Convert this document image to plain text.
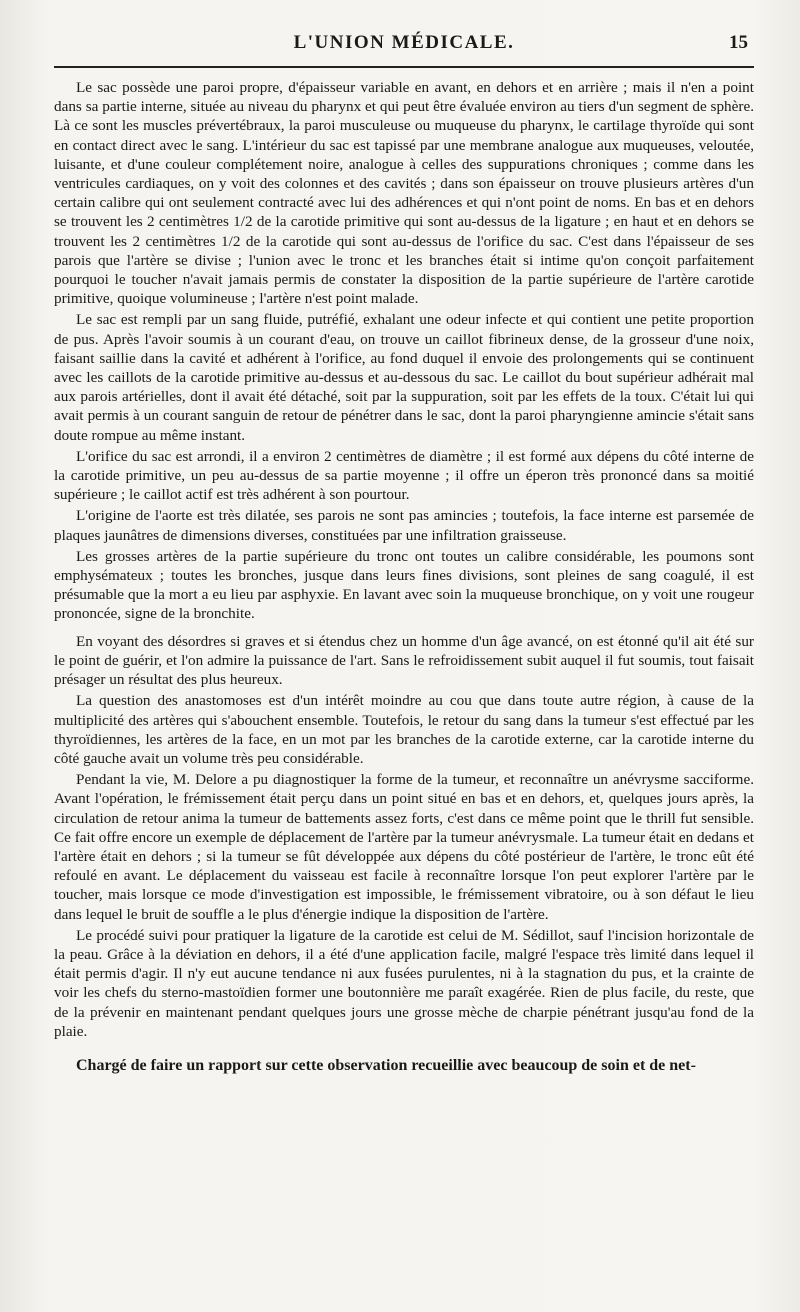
L'UNION MÉDICALE.	15

Le sac possède une paroi propre, d'épaisseur variable en avant, en dehors et en arrière ; mais il n'en a point dans sa partie interne, située au niveau du pharynx et qui peut être évaluée environ au tiers d'un segment de sphère. Là ce sont les muscles prévertébraux, la paroi musculeuse ou muqueuse du pharynx, le cartilage thyroïde qui sont en contact direct avec le sang. L'intérieur du sac est tapissé par une membrane analogue aux muqueuses, veloutée, luisante, et d'une couleur complétement noire, analogue à celles des suppurations chroniques ; comme dans les ventricules cardiaques, on y voit des colonnes et des cavités ; dans son épaisseur on trouve plusieurs artères d'un certain calibre qui ont seulement contracté avec lui des adhérences et qui n'ont point de noms. En bas et en dehors se trouvent les 2 centimètres 1/2 de la carotide primitive qui sont au-dessus de la ligature ; en haut et en dehors se trouvent les 2 centimètres 1/2 de la carotide qui sont au-dessus de l'orifice du sac. C'est dans l'épaisseur de ses parois que l'artère se divise ; l'union avec le tronc et les branches était si intime qu'on conçoit parfaitement pourquoi le toucher n'avait jamais permis de constater la disposition de la partie supérieure de l'artère carotide primitive, quoique volumineuse ; l'artère n'est point malade.

Le sac est rempli par un sang fluide, putréfié, exhalant une odeur infecte et qui contient une petite proportion de pus. Après l'avoir soumis à un courant d'eau, on trouve un caillot fibrineux dense, de la grosseur d'une noix, faisant saillie dans la cavité et adhérent à l'orifice, au fond duquel il envoie des prolongements qui se continuent avec les caillots de la carotide primitive au-dessus et au-dessous du sac. Le caillot du bout supérieur adhérait mal aux parois artérielles, dont il avait été détaché, soit par la suppuration, soit par les effets de la toux. C'était lui qui avait permis à un courant sanguin de retour de pénétrer dans le sac, dont la paroi pharyngienne amincie s'était sans doute rompue au même instant.

L'orifice du sac est arrondi, il a environ 2 centimètres de diamètre ; il est formé aux dépens du côté interne de la carotide primitive, un peu au-dessus de sa partie moyenne ; il offre un éperon très prononcé dans sa moitié supérieure ; le caillot actif est très adhérent à son pourtour.

L'origine de l'aorte est très dilatée, ses parois ne sont pas amincies ; toutefois, la face interne est parsemée de plaques jaunâtres de dimensions diverses, constituées par une infiltration graisseuse.

Les grosses artères de la partie supérieure du tronc ont toutes un calibre considérable, les poumons sont emphysémateux ; toutes les bronches, jusque dans leurs fines divisions, sont pleines de sang coagulé, il est présumable que la mort a eu lieu par asphyxie. En lavant avec soin la muqueuse bronchique, on y voit une rougeur prononcée, signe de la bronchite.

En voyant des désordres si graves et si étendus chez un homme d'un âge avancé, on est étonné qu'il ait été sur le point de guérir, et l'on admire la puissance de l'art. Sans le refroidissement subit auquel il fut soumis, tout faisait présager un résultat des plus heureux.

La question des anastomoses est d'un intérêt moindre au cou que dans toute autre région, à cause de la multiplicité des artères qui s'abouchent ensemble. Toutefois, le retour du sang dans la tumeur s'est effectué par les thyroïdiennes, les artères de la face, en un mot par les branches de la carotide externe, car la carotide interne du côté gauche avait un volume très peu considérable.

Pendant la vie, M. Delore a pu diagnostiquer la forme de la tumeur, et reconnaître un anévrysme sacciforme. Avant l'opération, le frémissement était perçu dans un point situé en bas et en dehors, et, quelques jours après, la circulation de retour anima la tumeur de battements assez forts, c'est dans ce même point que le thrill fut sensible. Ce fait offre encore un exemple de déplacement de l'artère par la tumeur anévrysmale. La tumeur était en dedans et l'artère était en dehors ; si la tumeur se fût développée aux dépens du côté postérieur de l'artère, le tronc eût été refoulé en avant. Le déplacement du vaisseau est facile à reconnaître lorsque l'on peut explorer l'artère par le toucher, mais lorsque ce mode d'investigation est impossible, le frémissement vibratoire, ou à son défaut le lieu dans lequel le bruit de souffle a le plus d'énergie indique la disposition de l'artère.

Le procédé suivi pour pratiquer la ligature de la carotide est celui de M. Sédillot, sauf l'incision horizontale de la peau. Grâce à la déviation en dehors, il a été d'une application facile, malgré l'espace très limité dans lequel il était permis d'agir. Il n'y eut aucune tendance ni aux fusées purulentes, ni à la stagnation du pus, et la crainte de voir les chefs du sterno-mastoïdien former une boutonnière me paraît exagérée. Rien de plus facile, du reste, que de la prévenir en maintenant pendant quelques jours une grosse mèche de charpie pénétrant jusqu'au fond de la plaie.

Chargé de faire un rapport sur cette observation recueillie avec beaucoup de soin et de net-
